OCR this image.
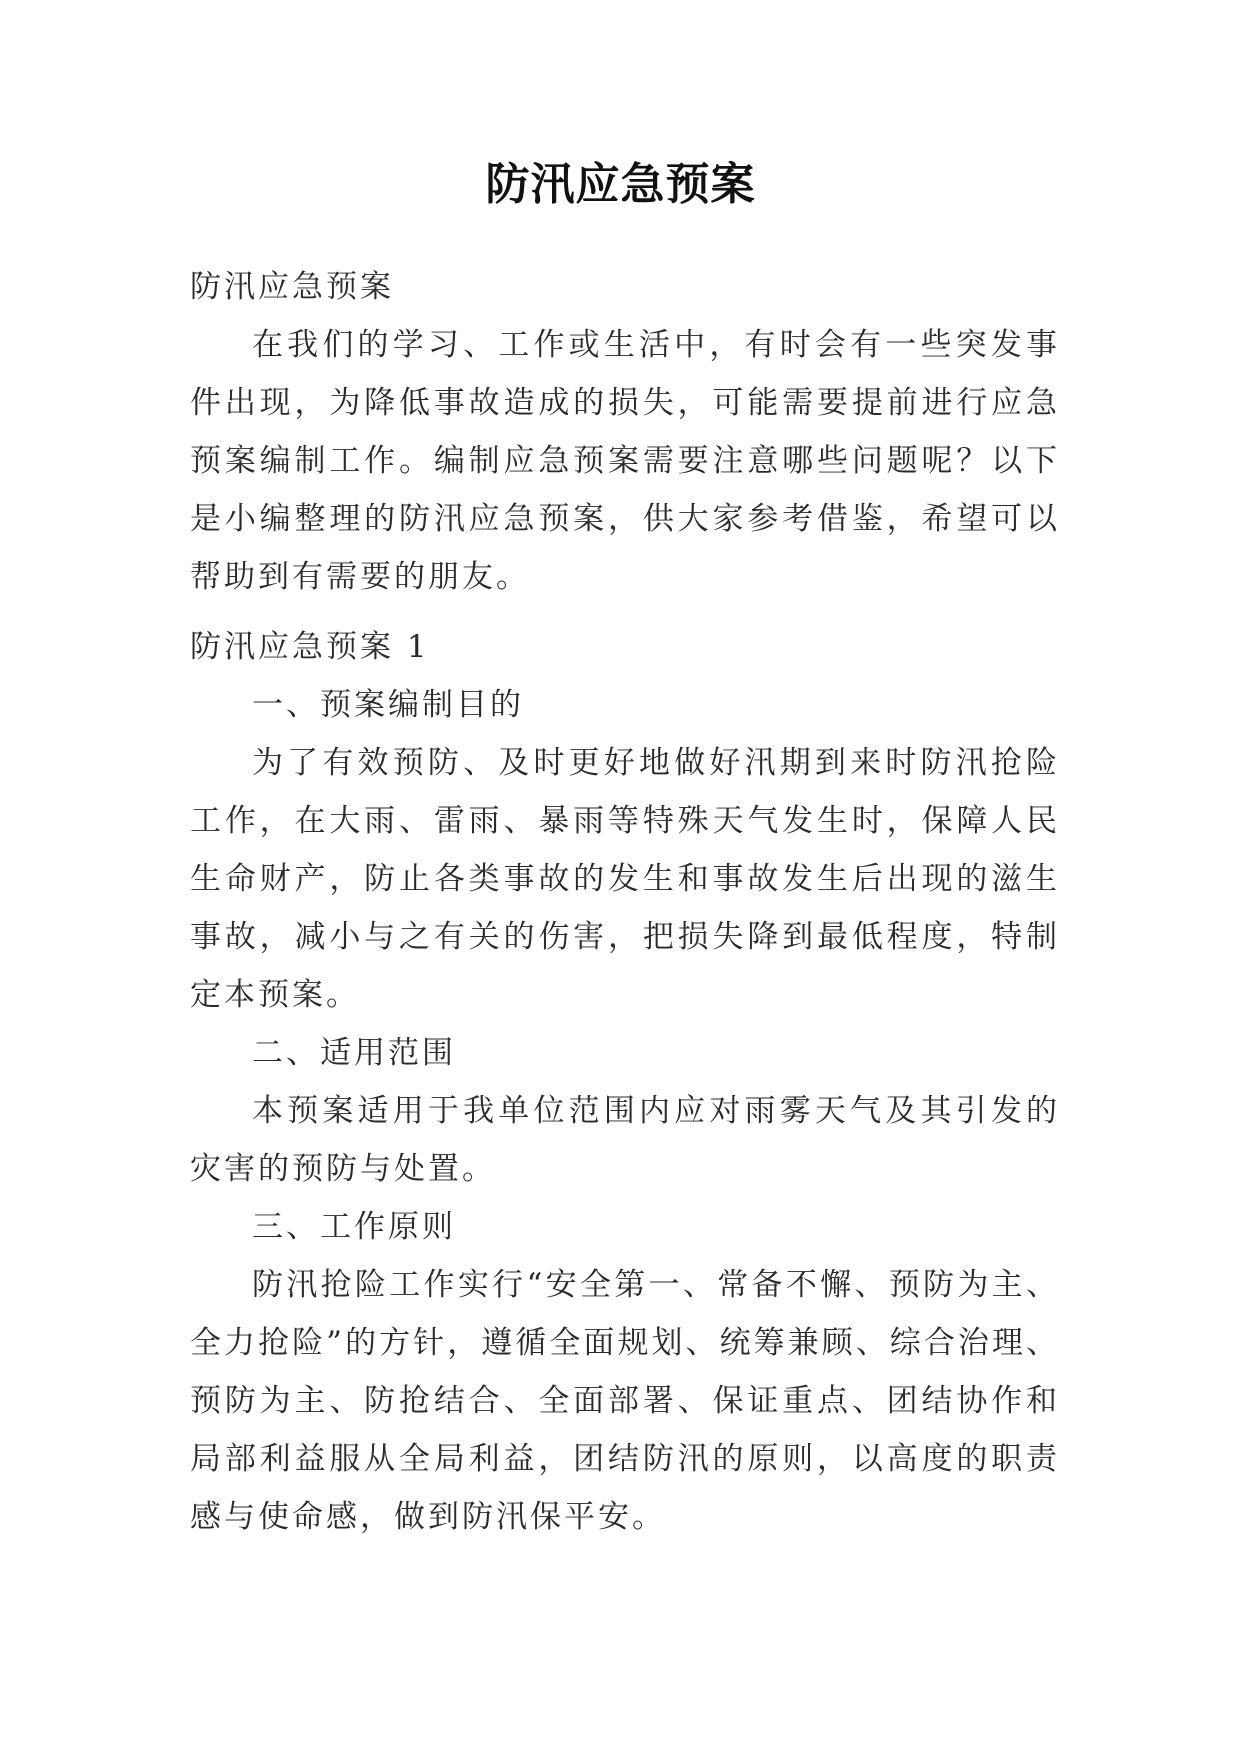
防汛应急预案

防汛应急预案

在我们的学习、工作或生活中，有时会有一些突发事件出现，为降低事故造成的损失，可能需要提前进行应急预案编制工作。编制应急预案需要注意哪些问题呢？以下是小编整理的防汛应急预案，供大家参考借鉴，希望可以帮助到有需要的朋友。

防汛应急预案 1

一、预案编制目的

为了有效预防、及时更好地做好汛期到来时防汛抢险工作，在大雨、雷雨、暴雨等特殊天气发生时，保障人民生命财产，防止各类事故的发生和事故发生后出现的滋生事故，减小与之有关的伤害，把损失降到最低程度，特制定本预案。

二、适用范围

本预案适用于我单位范围内应对雨雾天气及其引发的灾害的预防与处置。

三、工作原则

防汛抢险工作实行“安全第一、常备不懈、预防为主、全力抢险”的方针，遵循全面规划、统筹兼顾、综合治理、预防为主、防抢结合、全面部署、保证重点、团结协作和局部利益服从全局利益，团结防汛的原则，以高度的职责感与使命感，做到防汛保平安。
